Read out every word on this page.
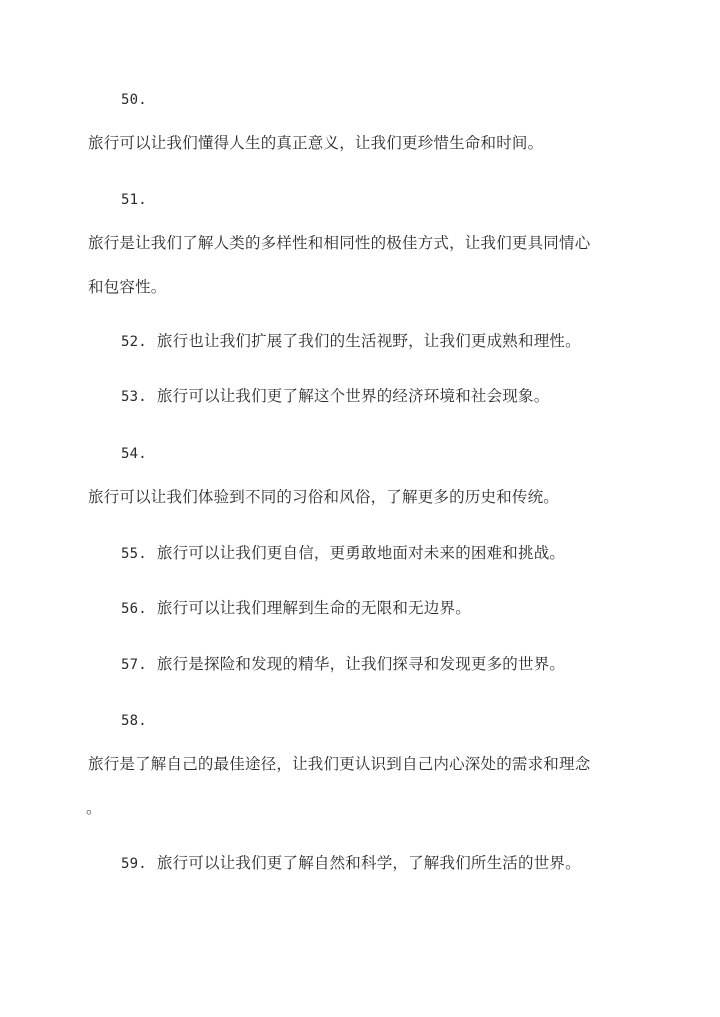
50.
旅行可以让我们懂得人生的真正意义，让我们更珍惜生命和时间。
51.
旅行是让我们了解人类的多样性和相同性的极佳方式，让我们更具同情心
和包容性。
52. 旅行也让我们扩展了我们的生活视野，让我们更成熟和理性。
53. 旅行可以让我们更了解这个世界的经济环境和社会现象。
54.
旅行可以让我们体验到不同的习俗和风俗，了解更多的历史和传统。
55. 旅行可以让我们更自信，更勇敢地面对未来的困难和挑战。
56. 旅行可以让我们理解到生命的无限和无边界。
57. 旅行是探险和发现的精华，让我们探寻和发现更多的世界。
58.
旅行是了解自己的最佳途径，让我们更认识到自己内心深处的需求和理念
。
59. 旅行可以让我们更了解自然和科学，了解我们所生活的世界。
